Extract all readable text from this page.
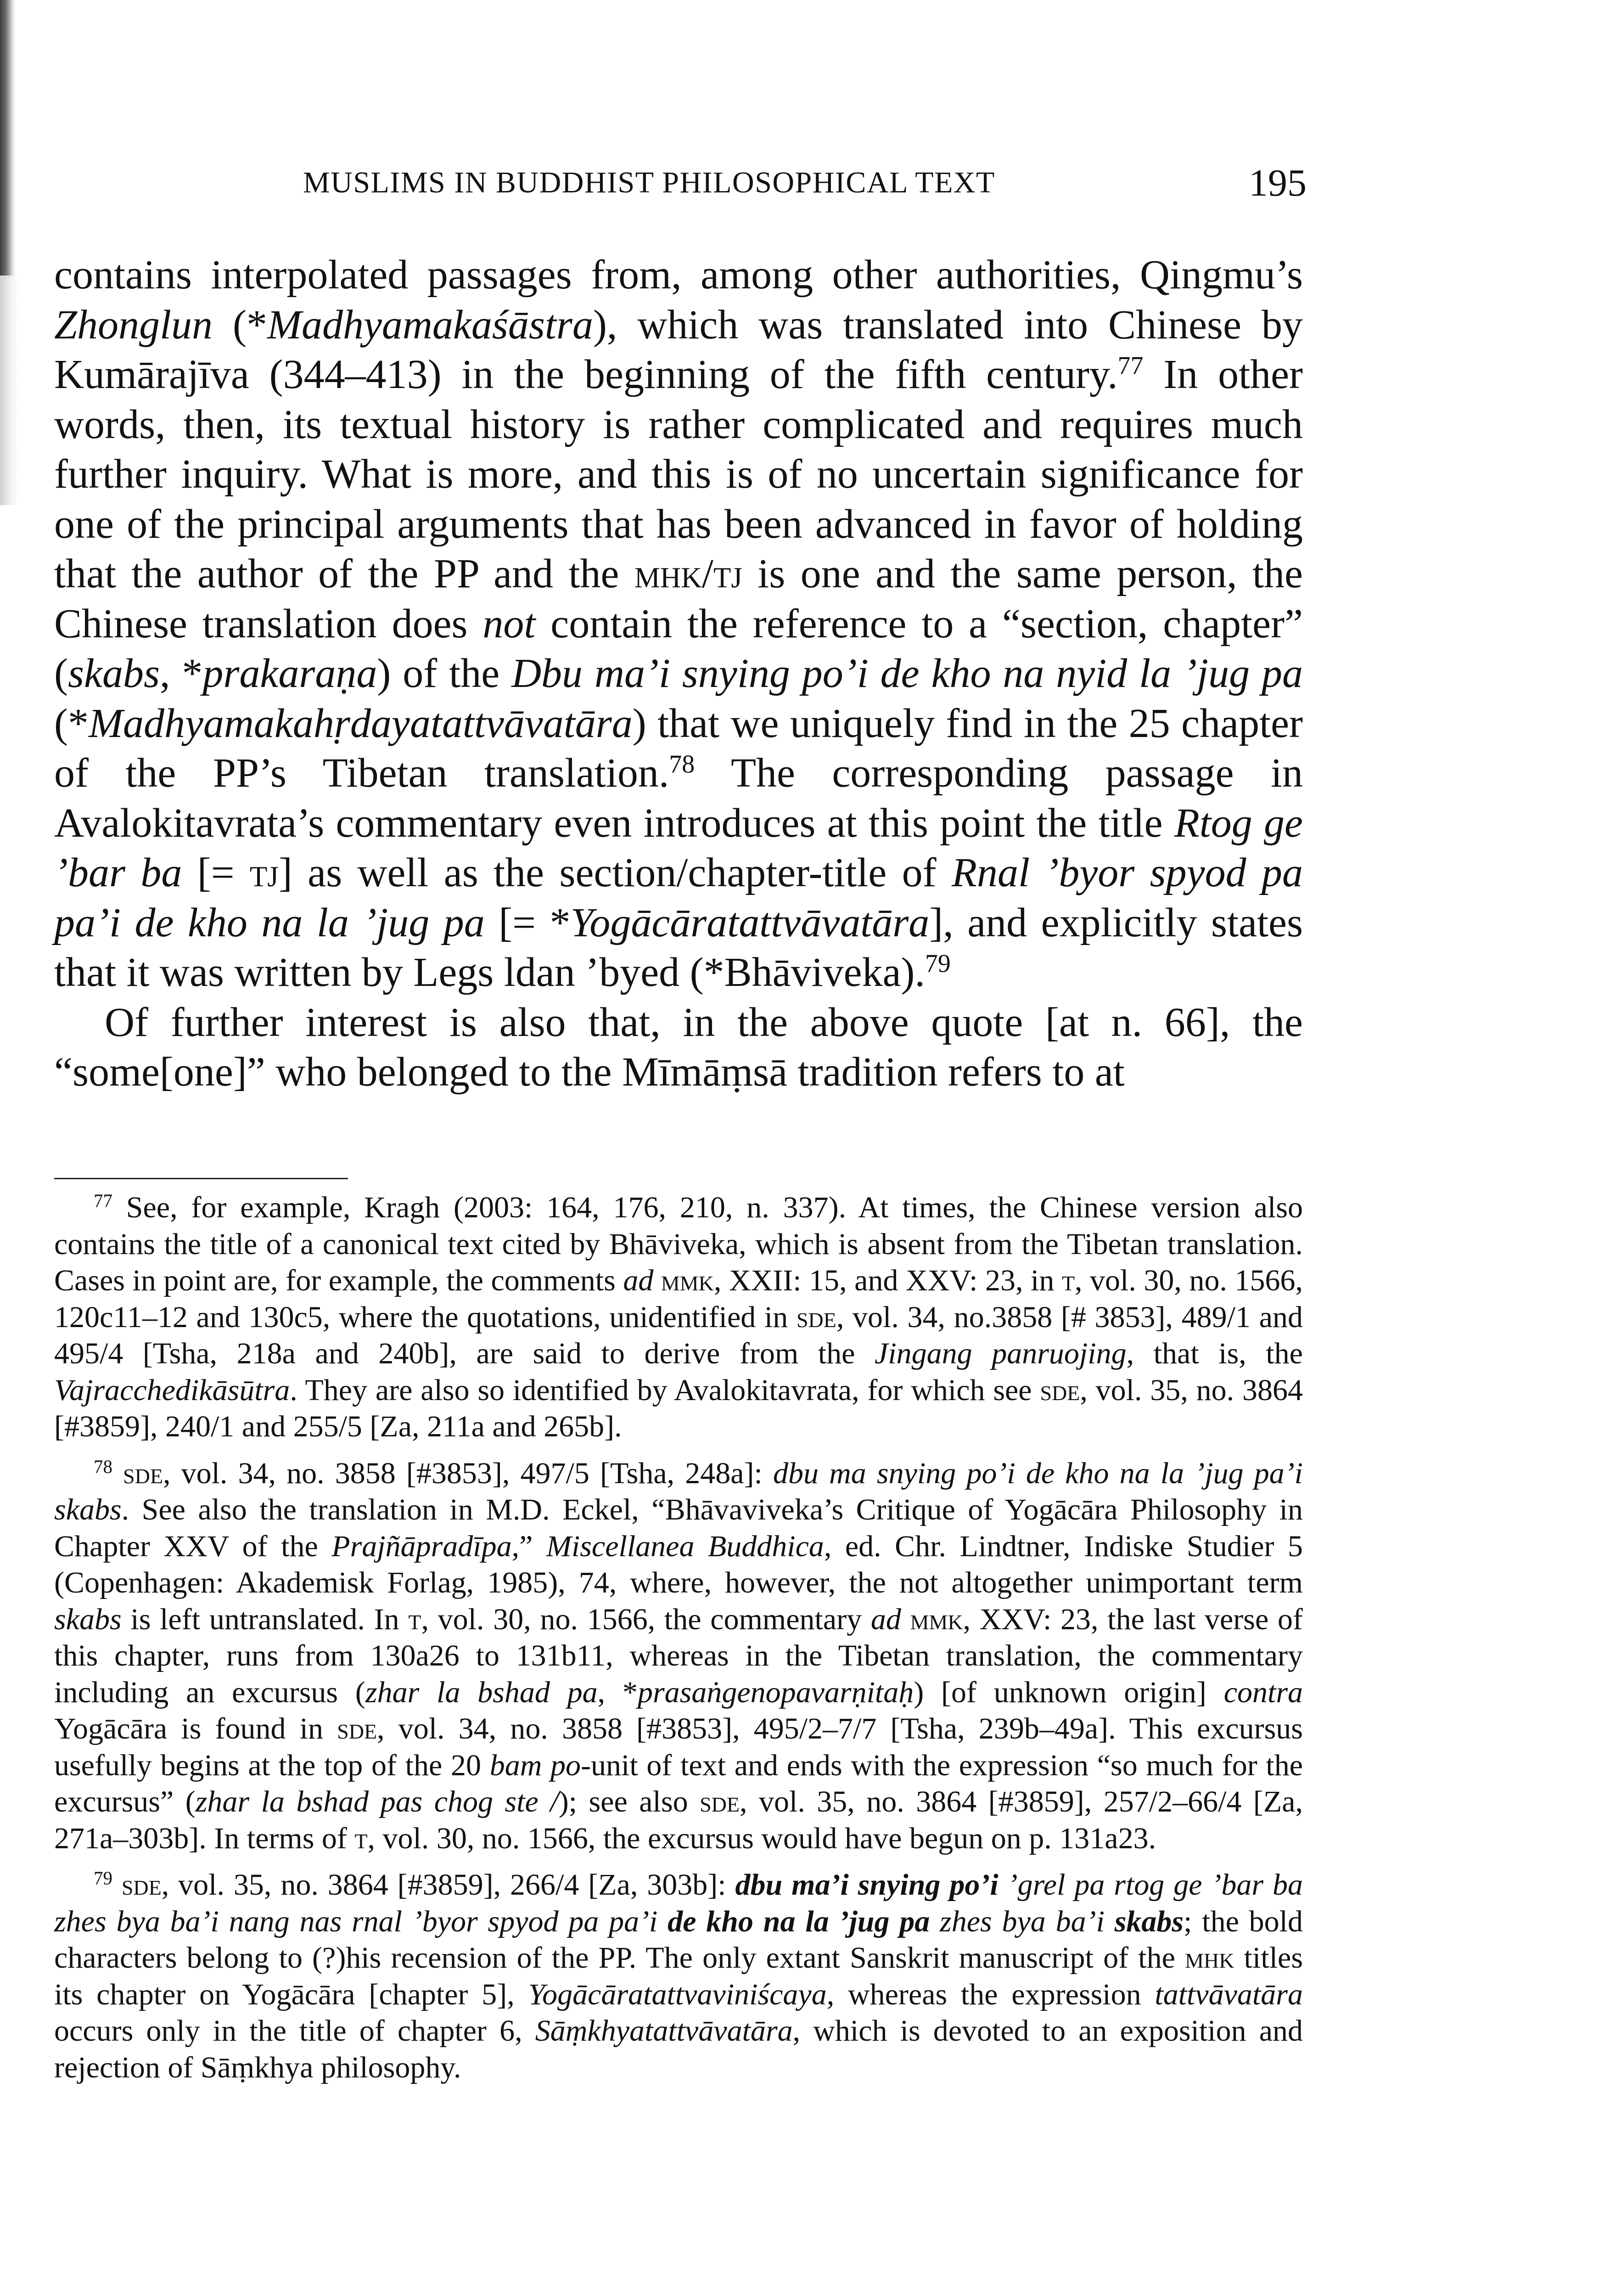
MUSLIMS IN BUDDHIST PHILOSOPHICAL TEXT	195

contains interpolated passages from, among other authorities, Qingmu’s Zhonglun (*Madhyamakaśāstra), which was translated into Chinese by Kumārajīva (344–413) in the beginning of the fifth century.$^{77}$ In other words, then, its textual history is rather complicated and requires much further inquiry. What is more, and this is of no uncertain significance for one of the principal arguments that has been advanced in favor of holding that the author of the PP and the mhk/tj is one and the same person, the Chinese translation does not contain the reference to a “section, chapter” (skabs, *prakaraṇa) of the Dbu ma’i snying po’i de kho na nyid la ’jug pa (*Madhyamakahṛdayatattvāvatāra) that we uniquely find in the 25 chapter of the PP’s Tibetan translation.$^{78}$ The corresponding passage in Avalokitavrata’s commentary even introduces at this point the title Rtog ge ’bar ba [= tj] as well as the section/chapter-title of Rnal ’byor spyod pa pa’i de kho na la ’jug pa [= *Yogācāratattvāvatāra], and explicitly states that it was written by Legs ldan ’byed (*Bhāviveka).$^{79}$

Of further interest is also that, in the above quote [at n. 66], the “some[one]” who belonged to the Mīmāṃsā tradition refers to at

$^{77}$ See, for example, Kragh (2003: 164, 176, 210, n. 337). At times, the Chinese version also contains the title of a canonical text cited by Bhāviveka, which is absent from the Tibetan translation. Cases in point are, for example, the comments ad mmk, XXII: 15, and XXV: 23, in t, vol. 30, no. 1566, 120c11–12 and 130c5, where the quotations, unidentified in sde, vol. 34, no.3858 [# 3853], 489/1 and 495/4 [Tsha, 218a and 240b], are said to derive from the Jingang panruojing, that is, the Vajracchedikāsūtra. They are also so identified by Avalokitavrata, for which see sde, vol. 35, no. 3864 [#3859], 240/1 and 255/5 [Za, 211a and 265b].

$^{78}$ sde, vol. 34, no. 3858 [#3853], 497/5 [Tsha, 248a]: dbu ma snying po’i de kho na la ’jug pa’i skabs. See also the translation in M.D. Eckel, “Bhāvaviveka’s Critique of Yogācāra Philosophy in Chapter XXV of the Prajñāpradīpa,” Miscellanea Buddhica, ed. Chr. Lindtner, Indiske Studier 5 (Copenhagen: Akademisk Forlag, 1985), 74, where, however, the not altogether unimportant term skabs is left untranslated. In t, vol. 30, no. 1566, the commentary ad mmk, XXV: 23, the last verse of this chapter, runs from 130a26 to 131b11, whereas in the Tibetan translation, the commentary including an excursus (zhar la bshad pa, *prasaṅgenopavarṇitaḥ) [of unknown origin] contra Yogācāra is found in sde, vol. 34, no. 3858 [#3853], 495/2–7/7 [Tsha, 239b–49a]. This excursus usefully begins at the top of the 20 bam po-unit of text and ends with the expression “so much for the excursus” (zhar la bshad pas chog ste /); see also sde, vol. 35, no. 3864 [#3859], 257/2–66/4 [Za, 271a–303b]. In terms of t, vol. 30, no. 1566, the excursus would have begun on p. 131a23.

$^{79}$ sde, vol. 35, no. 3864 [#3859], 266/4 [Za, 303b]: dbu ma’i snying po’i ’grel pa rtog ge ’bar ba zhes bya ba’i nang nas rnal ’byor spyod pa pa’i de kho na la ’jug pa zhes bya ba’i skabs; the bold characters belong to (?)his recension of the PP. The only extant Sanskrit manuscript of the mhk titles its chapter on Yogācāra [chapter 5], Yogācāratattvaviniścaya, whereas the expression tattvāvatāra occurs only in the title of chapter 6, Sāṃkhyatattvāvatāra, which is devoted to an exposition and rejection of Sāṃkhya philosophy.
